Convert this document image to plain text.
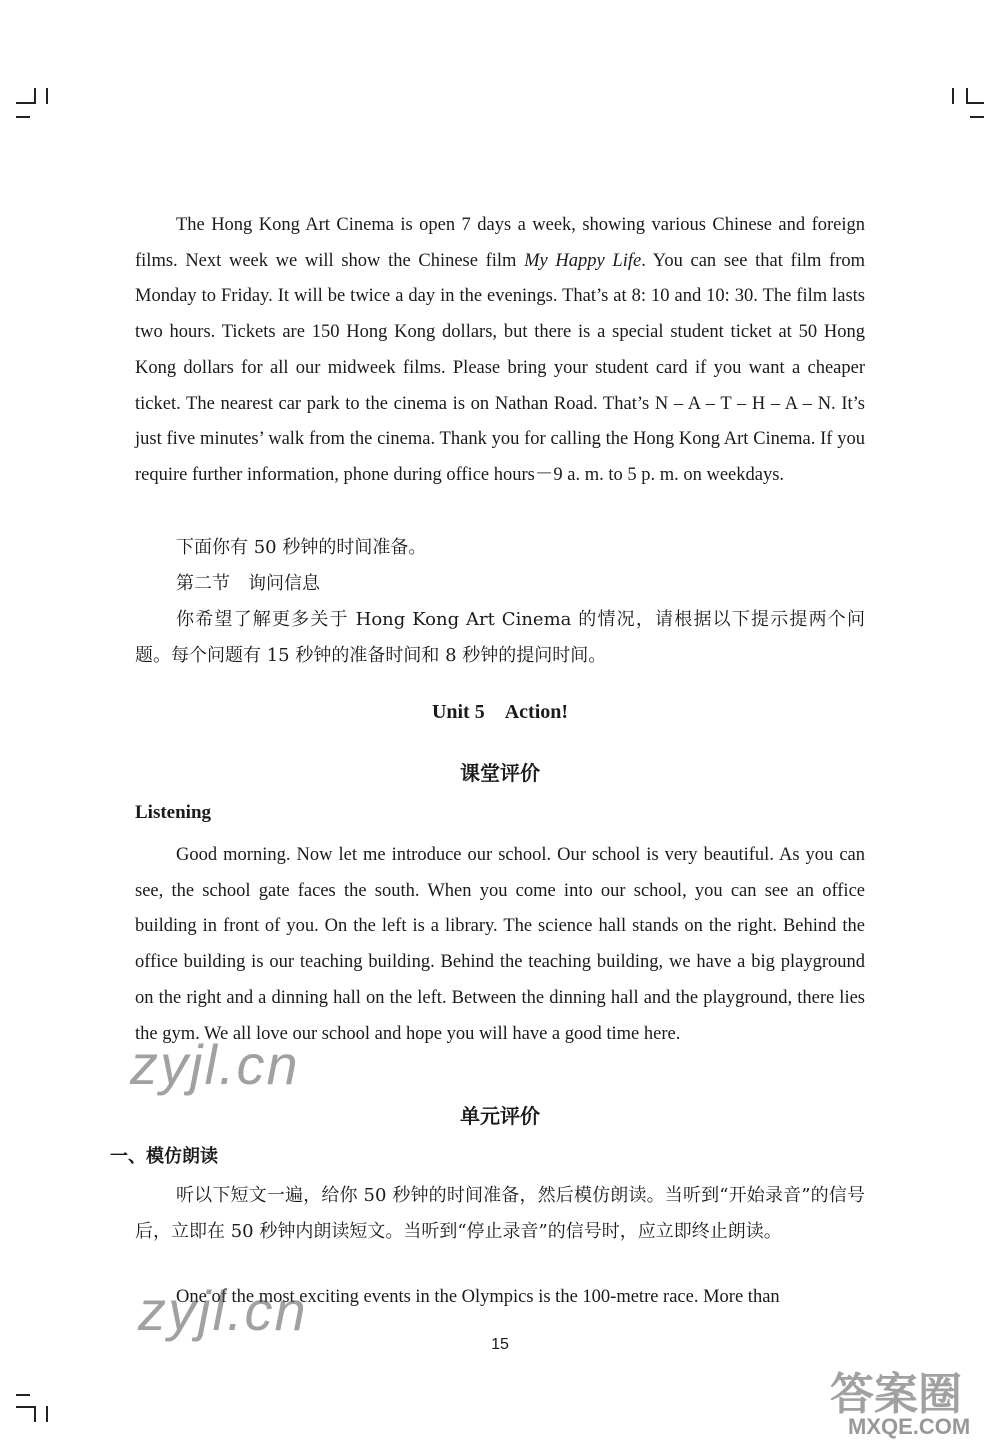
The Hong Kong Art Cinema is open 7 days a week, showing various Chinese and foreign films. Next week we will show the Chinese film My Happy Life. You can see that film from Monday to Friday. It will be twice a day in the evenings. That’s at 8: 10 and 10: 30. The film lasts two hours. Tickets are 150 Hong Kong dollars, but there is a special student ticket at 50 Hong Kong dollars for all our midweek films. Please bring your student card if you want a cheaper ticket. The nearest car park to the cinema is on Nathan Road. That’s N – A – T – H – A – N. It’s just five minutes’ walk from the cinema. Thank you for calling the Hong Kong Art Cinema. If you require further information, phone during office hours－9 a. m. to 5 p. m. on weekdays.
下面你有 50 秒钟的时间准备。
第二节　询问信息
你希望了解更多关于 Hong Kong Art Cinema 的情况，请根据以下提示提两个问题。每个问题有 15 秒钟的准备时间和 8 秒钟的提问时间。
Unit 5　Action!
课堂评价
Listening
Good morning. Now let me introduce our school. Our school is very beautiful. As you can see, the school gate faces the south. When you come into our school, you can see an office building in front of you. On the left is a library. The science hall stands on the right. Behind the office building is our teaching building. Behind the teaching building, we have a big playground on the right and a dinning hall on the left. Between the dinning hall and the playground, there lies the gym. We all love our school and hope you will have a good time here.
单元评价
一、模仿朗读
听以下短文一遍，给你 50 秒钟的时间准备，然后模仿朗读。当听到“开始录音”的信号后，立即在 50 秒钟内朗读短文。当听到“停止录音”的信号时，应立即终止朗读。
One of the most exciting events in the Olympics is the 100-metre race. More than
15
zyjl.cn
zyjl.cn
答案圈
MXQE.COM
